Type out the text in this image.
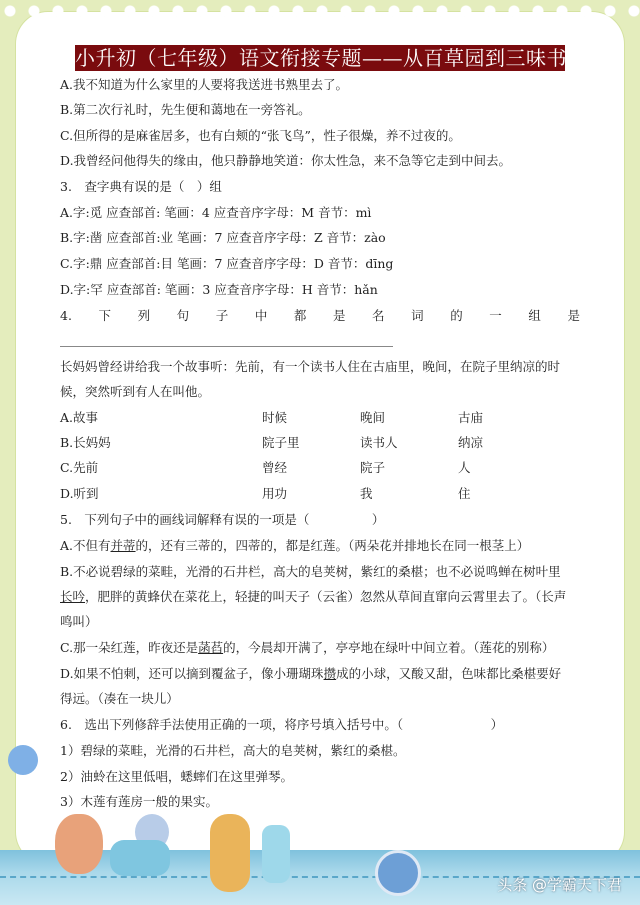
小升初（七年级）语文衔接专题——从百草园到三味书屋
A.我不知道为什么家里的人要将我送进书熟里去了。
B.第二次行礼时，先生便和蔼地在一旁答礼。
C.但所得的是麻雀居多，也有白颊的“张飞鸟”，性子很燥，养不过夜的。
D.我曾经问他得失的缘由，他只静静地笑道：你太性急，来不急等它走到中间去。
3.　查字典有误的是（　）组
A.字:觅 应查部首: 笔画：4 应查音序字母：M 音节：mì
B.字:凿 应查部首:业 笔画：7 应查音序字母：Z 音节：zào
C.字:鼎 应查部首:目 笔画：7 应查音序字母：D 音节：dīng
D.字:罕 应查部首: 笔画：3 应查音序字母：H 音节：hǎn
4. 下 列 句 子 中 都 是 名 词 的 一 组 是
长妈妈曾经讲给我一个故事听：先前，有一个读书人住在古庙里，晚间，在院子里纳凉的时
候，突然听到有人在叫他。
A.故事	时候	晚间	古庙
B.长妈妈	院子里	读书人	纳凉
C.先前	曾经	院子	人
D.听到	用功	我	住
5.　下列句子中的画线词解释有误的一项是（　　　　　）
A.不但有并蒂的，还有三蒂的，四蒂的，都是红莲。（两朵花并排地长在同一根茎上）
B.不必说碧绿的菜畦，光滑的石井栏，高大的皂荚树，紫红的桑椹；也不必说鸣蝉在树叶里
长吟，肥胖的黄蜂伏在菜花上，轻捷的叫天子（云雀）忽然从草间直窜向云霄里去了。（长声
鸣叫）
C.那一朵红莲，昨夜还是菡萏的，今晨却开满了，亭亭地在绿叶中间立着。（莲花的别称）
D.如果不怕刺，还可以摘到覆盆子，像小珊瑚珠攒成的小球，又酸又甜，色味都比桑椹要好
得远。（凑在一块儿）
6.　选出下列修辞手法使用正确的一项，将序号填入括号中。（　　　　　　　）
1）碧绿的菜畦，光滑的石井栏，高大的皂荚树，紫红的桑椹。
2）油蛉在这里低唱，蟋蟀们在这里弹琴。
3）木莲有莲房一般的果实。
头条 @学霸天下君
